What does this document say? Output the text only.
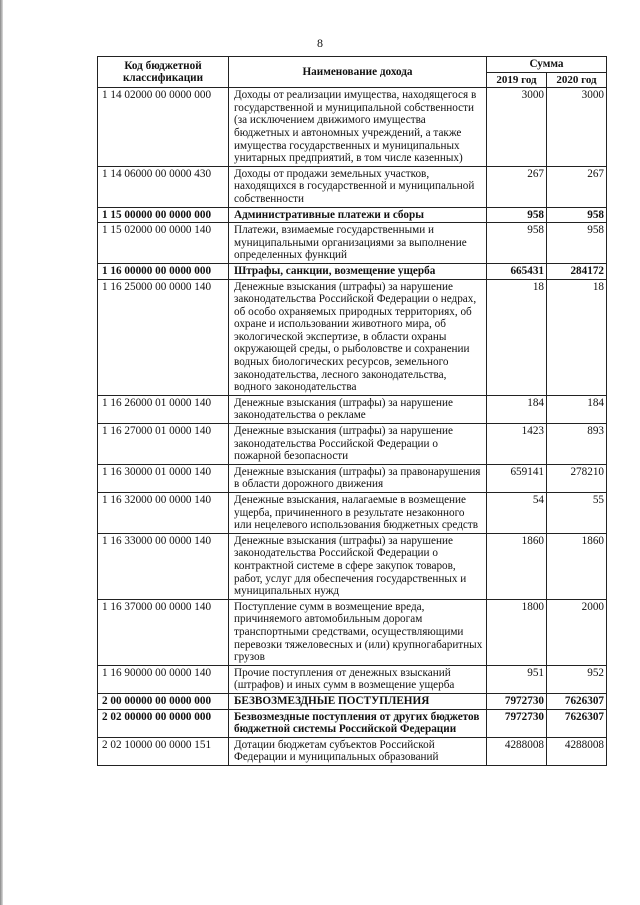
8
Код бюджетной классификации	Наименование дохода	Сумма	
		2019 год	2020 год
1 14 02000 00 0000 000	Доходы от реализации имущества, находящегося в государственной и муниципальной собственности (за исключением движимого имущества бюджетных и автономных учреждений, а также имущества государственных и муниципальных унитарных предприятий, в том числе казенных)	3000	3000
1 14 06000 00 0000 430	Доходы от продажи земельных участков, находящихся в государственной и муниципальной собственности	267	267
1 15 00000 00 0000 000	Административные платежи и сборы	958	958
1 15 02000 00 0000 140	Платежи, взимаемые государственными и муниципальными организациями за выполнение определенных функций	958	958
1 16 00000 00 0000 000	Штрафы, санкции, возмещение ущерба	665431	284172
1 16 25000 00 0000 140	Денежные взыскания (штрафы) за нарушение законодательства Российской Федерации о недрах, об особо охраняемых природных территориях, об охране и использовании животного мира, об экологической экспертизе, в области охраны окружающей среды, о рыболовстве и сохранении водных биологических ресурсов, земельного законодательства, лесного законодательства, водного законодательства	18	18
1 16 26000 01 0000 140	Денежные взыскания (штрафы) за нарушение законодательства о рекламе	184	184
1 16 27000 01 0000 140	Денежные взыскания (штрафы) за нарушение законодательства Российской Федерации о пожарной безопасности	1423	893
1 16 30000 01 0000 140	Денежные взыскания (штрафы) за правонарушения в области дорожного движения	659141	278210
1 16 32000 00 0000 140	Денежные взыскания, налагаемые в возмещение ущерба, причиненного в результате незаконного или нецелевого использования бюджетных средств	54	55
1 16 33000 00 0000 140	Денежные взыскания (штрафы) за нарушение законодательства Российской Федерации о контрактной системе в сфере закупок товаров, работ, услуг для обеспечения государственных и муниципальных нужд	1860	1860
1 16 37000 00 0000 140	Поступление сумм в возмещение вреда, причиняемого автомобильным дорогам транспортными средствами, осуществляющими перевозки тяжеловесных и (или) крупногабаритных грузов	1800	2000
1 16 90000 00 0000 140	Прочие поступления от денежных взысканий (штрафов) и иных сумм в возмещение ущерба	951	952
2 00 00000 00 0000 000	БЕЗВОЗМЕЗДНЫЕ ПОСТУПЛЕНИЯ	7972730	7626307
2 02 00000 00 0000 000	Безвозмездные поступления от других бюджетов бюджетной системы Российской Федерации	7972730	7626307
2 02 10000 00 0000 151	Дотации бюджетам субъектов Российской Федерации и муниципальных образований	4288008	4288008
